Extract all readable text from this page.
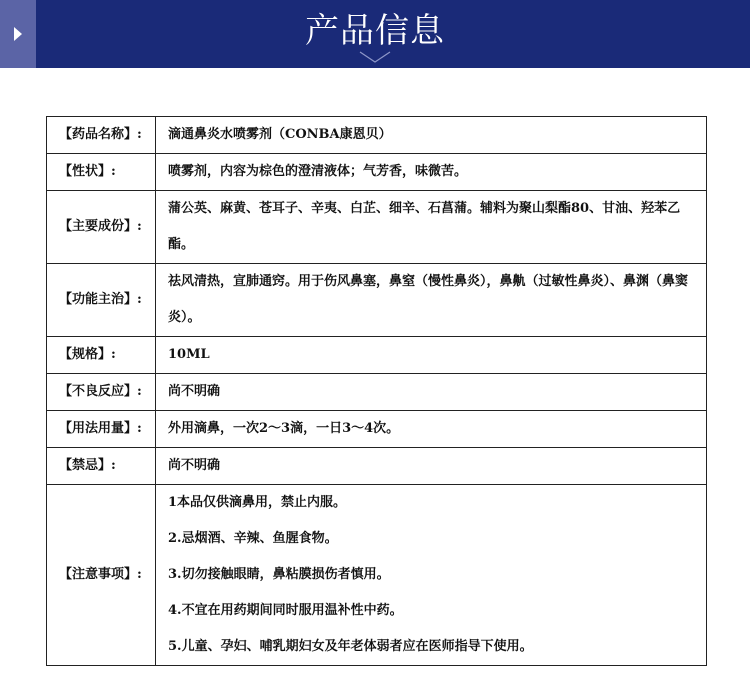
产品信息
【药品名称】:	滴通鼻炎水喷雾剂（CONBA康恩贝）
【性状】:	喷雾剂，内容为棕色的澄清液体；气芳香，味微苦。
【主要成份】:	蒲公英、麻黄、苍耳子、辛夷、白芷、细辛、石菖蒲。辅料为聚山梨酯80、甘油、羟苯乙酯。
【功能主治】:	祛风清热，宣肺通窍。用于伤风鼻塞，鼻窒（慢性鼻炎），鼻鼽（过敏性鼻炎）、鼻渊（鼻窦
炎）。

【规格】:	10ML
【不良反应】:	尚不明确
【用法用量】:	外用滴鼻，一次2～3滴，一日3～4次。
【禁忌】:	尚不明确
【注意事项】:	1本品仅供滴鼻用，禁止内服。
2.忌烟酒、辛辣、鱼腥食物。
3.切勿接触眼睛，鼻粘膜损伤者慎用。
4.不宜在用药期间同时服用温补性中药。
5.儿童、孕妇、哺乳期妇女及年老体弱者应在医师指导下使用。
